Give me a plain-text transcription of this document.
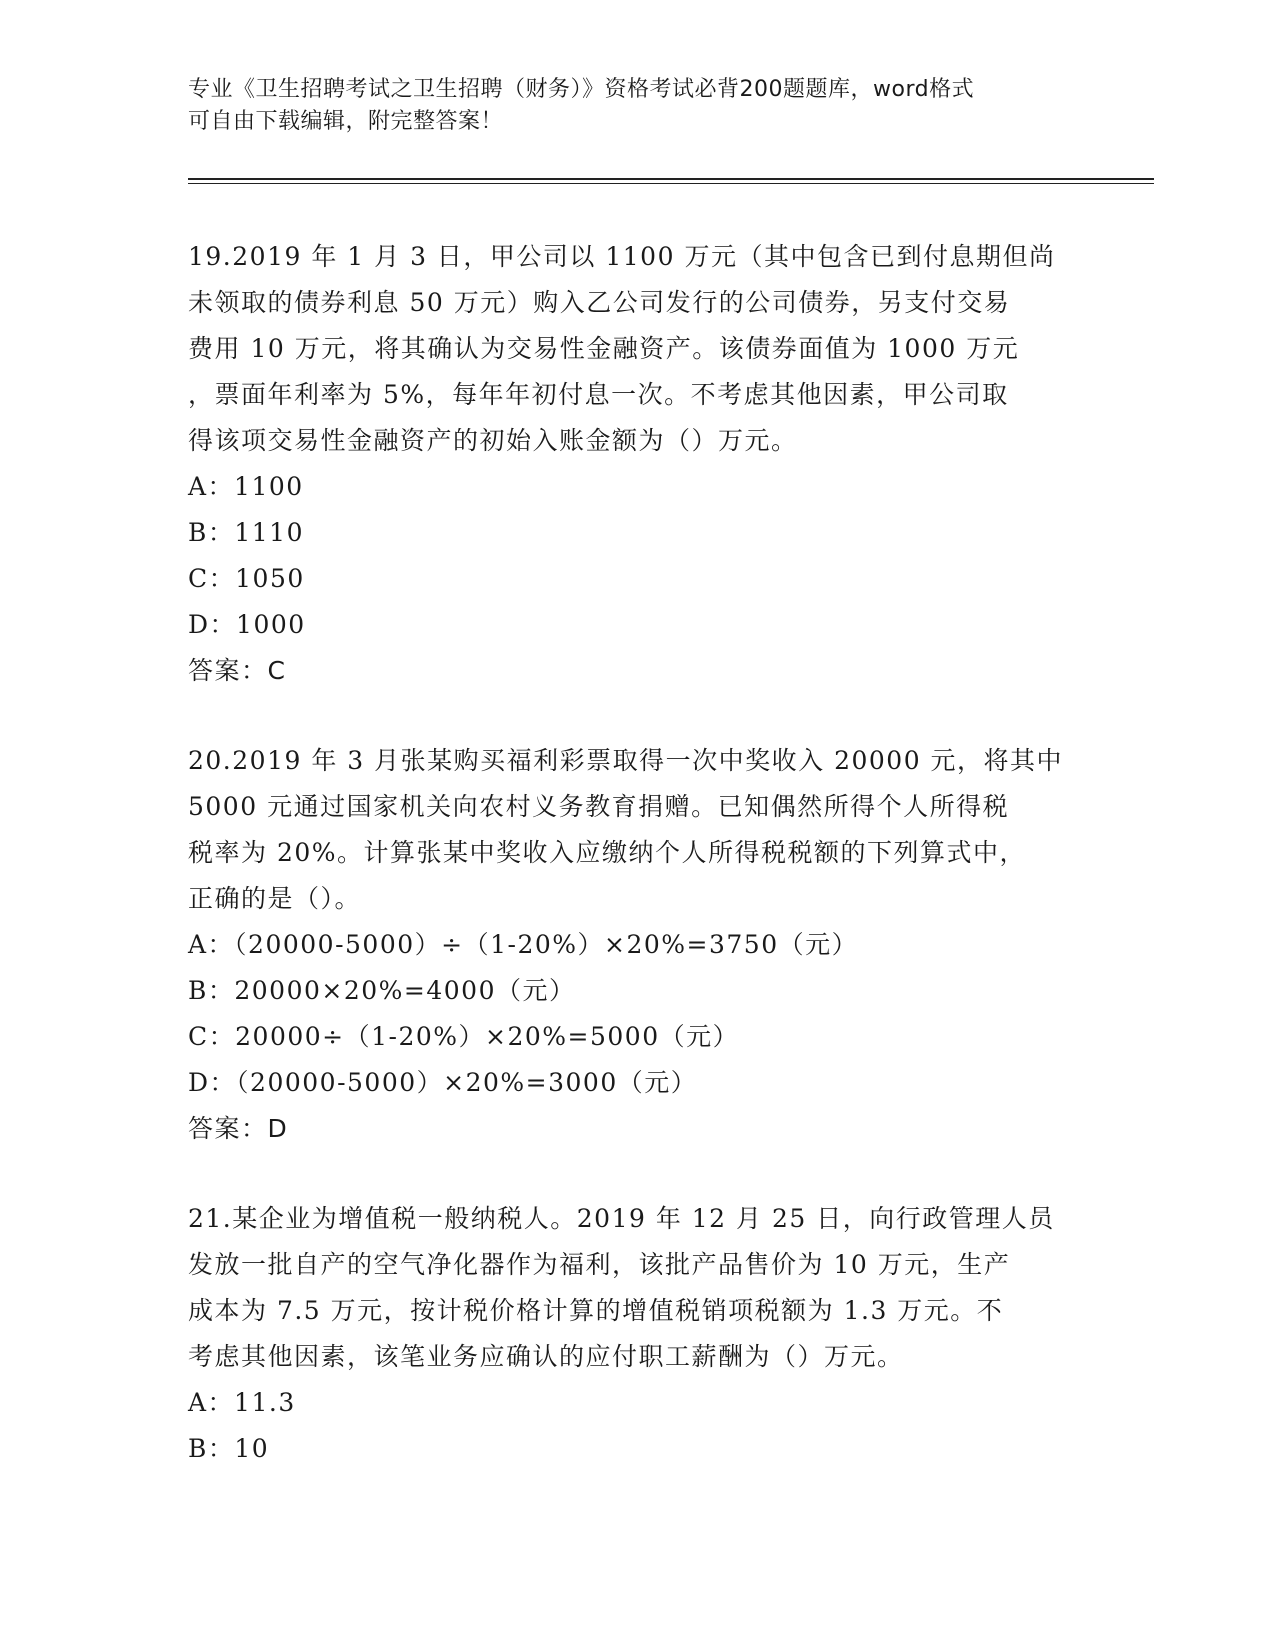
专业《卫生招聘考试之卫生招聘（财务）》资格考试必背200题题库，word格式
可自由下载编辑，附完整答案！
19.2019 年 1 月 3 日，甲公司以 1100 万元（其中包含已到付息期但尚
未领取的债券利息 50 万元）购入乙公司发行的公司债券，另支付交易
费用 10 万元，将其确认为交易性金融资产。该债券面值为 1000 万元
，票面年利率为 5%，每年年初付息一次。不考虑其他因素，甲公司取
得该项交易性金融资产的初始入账金额为（）万元。
A：1100
B：1110
C：1050
D：1000
答案：C
20.2019 年 3 月张某购买福利彩票取得一次中奖收入 20000 元，将其中
5000 元通过国家机关向农村义务教育捐赠。已知偶然所得个人所得税
税率为 20%。计算张某中奖收入应缴纳个人所得税税额的下列算式中，
正确的是（）。
A：（20000-5000）÷（1-20%）×20%=3750（元）
B：20000×20%=4000（元）
C：20000÷（1-20%）×20%=5000（元）
D：（20000-5000）×20%=3000（元）
答案：D
21.某企业为增值税一般纳税人。2019 年 12 月 25 日，向行政管理人员
发放一批自产的空气净化器作为福利，该批产品售价为 10 万元，生产
成本为 7.5 万元，按计税价格计算的增值税销项税额为 1.3 万元。不
考虑其他因素，该笔业务应确认的应付职工薪酬为（）万元。
A：11.3
B：10
